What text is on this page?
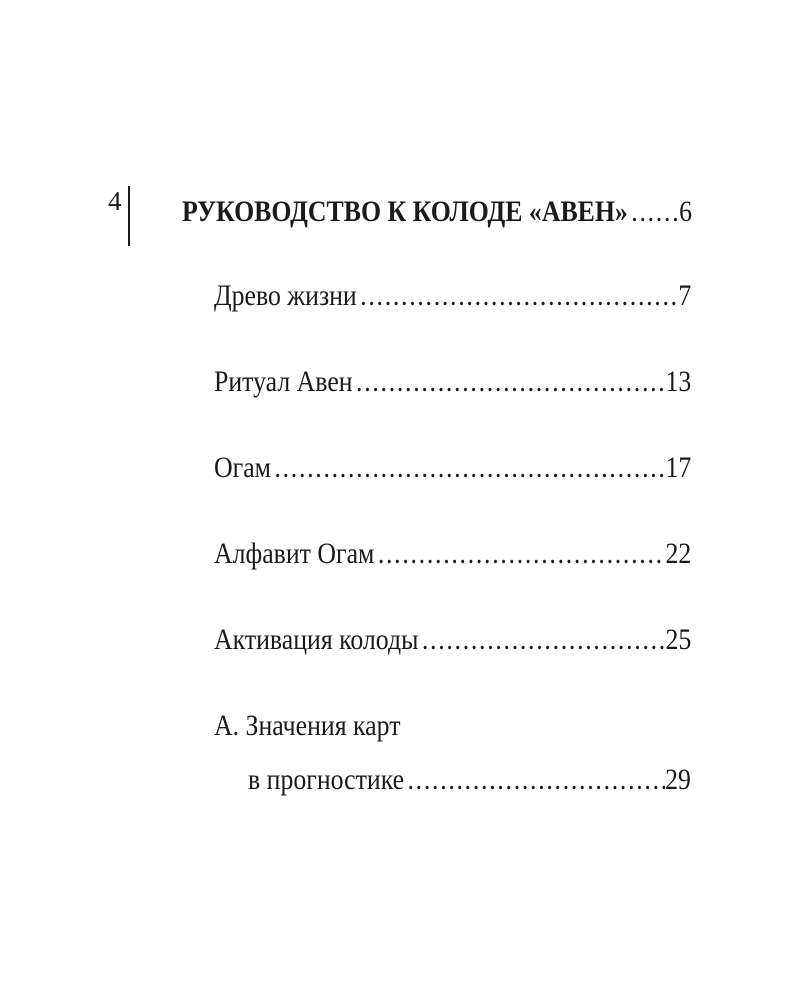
4 РУКОВОДСТВО К КОЛОДЕ «АВЕН» ..... 6
Древо жизни .....	7
Ритуал Авен .....	13
Огам .....	17
Алфавит Огам .....	22
Активация колоды .....	25
А. Значения карт
в прогностике .....	29
